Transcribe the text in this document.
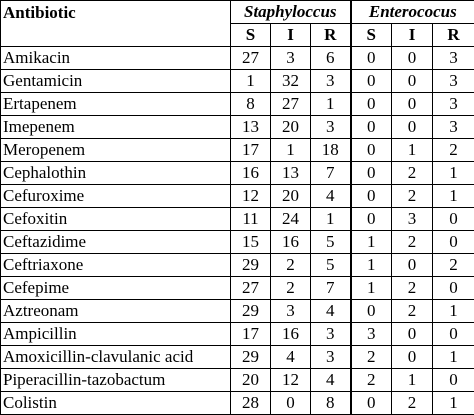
Antibiotic	Staphyloccus			Enterococus		
	S	I	R	S	I	R
Amikacin	27	3	6	0	0	3
Gentamicin	1	32	3	0	0	3
Ertapenem	8	27	1	0	0	3
Imepenem	13	20	3	0	0	3
Meropenem	17	1	18	0	1	2
Cephalothin	16	13	7	0	2	1
Cefuroxime	12	20	4	0	2	1
Cefoxitin	11	24	1	0	3	0
Ceftazidime	15	16	5	1	2	0
Ceftriaxone	29	2	5	1	0	2
Cefepime	27	2	7	1	2	0
Aztreonam	29	3	4	0	2	1
Ampicillin	17	16	3	3	0	0
Amoxicillin-clavulanic acid	29	4	3	2	0	1
Piperacillin-tazobactum	20	12	4	2	1	0
Colistin	28	0	8	0	2	1
